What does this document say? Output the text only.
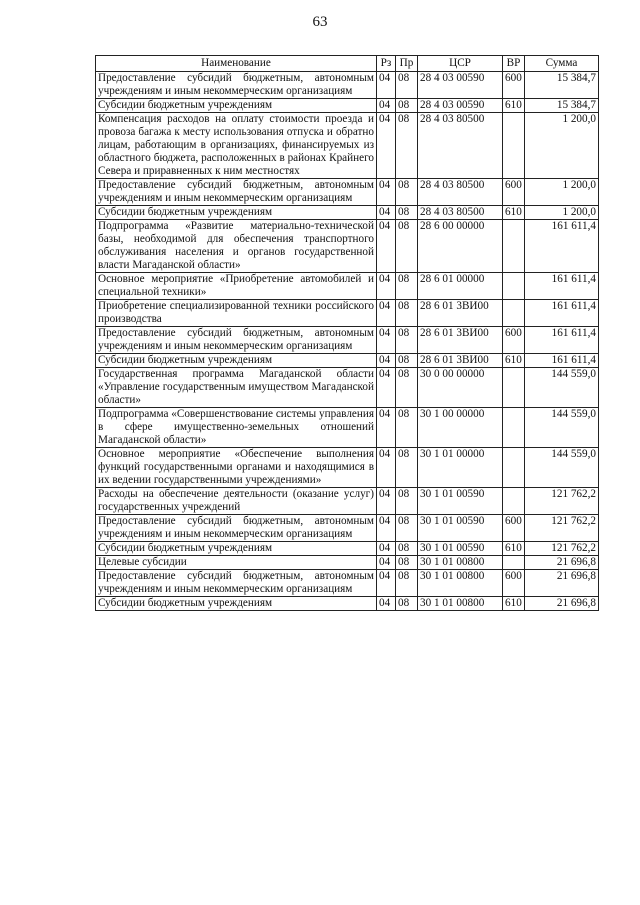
63
Наименование	Рз	Пр	ЦСР	ВР	Сумма
Предоставление субсидий бюджетным, автономным учреждениям и иным некоммерческим организациям	04	08	28 4 03 00590	600	15 384,7
Субсидии бюджетным учреждениям	04	08	28 4 03 00590	610	15 384,7
Компенсация расходов на оплату стоимости проезда и провоза багажа к месту использования отпуска и обратно лицам, работающим в организациях, финансируемых из областного бюджета, расположенных в районах Крайнего Севера и приравненных к ним местностях	04	08	28 4 03 80500		1 200,0
Предоставление субсидий бюджетным, автономным учреждениям и иным некоммерческим организациям	04	08	28 4 03 80500	600	1 200,0
Субсидии бюджетным учреждениям	04	08	28 4 03 80500	610	1 200,0
Подпрограмма «Развитие материально-технической базы, необходимой для обеспечения транспортного обслуживания населения и органов государственной власти Магаданской области»	04	08	28 6 00 00000		161 611,4
Основное мероприятие «Приобретение автомобилей и специальной техники»	04	08	28 6 01 00000		161 611,4
Приобретение специализированной техники российского производства	04	08	28 6 01 3ВИ00		161 611,4
Предоставление субсидий бюджетным, автономным учреждениям и иным некоммерческим организациям	04	08	28 6 01 3ВИ00	600	161 611,4
Субсидии бюджетным учреждениям	04	08	28 6 01 3ВИ00	610	161 611,4
Государственная программа Магаданской области «Управление государственным имуществом Магаданской области»	04	08	30 0 00 00000		144 559,0
Подпрограмма «Совершенствование системы управления в сфере имущественно-земельных отношений Магаданской области»	04	08	30 1 00 00000		144 559,0
Основное мероприятие «Обеспечение выполнения функций государственными органами и находящимися в их ведении государственными учреждениями»	04	08	30 1 01 00000		144 559,0
Расходы на обеспечение деятельности (оказание услуг) государственных учреждений	04	08	30 1 01 00590		121 762,2
Предоставление субсидий бюджетным, автономным учреждениям и иным некоммерческим организациям	04	08	30 1 01 00590	600	121 762,2
Субсидии бюджетным учреждениям	04	08	30 1 01 00590	610	121 762,2
Целевые субсидии	04	08	30 1 01 00800		21 696,8
Предоставление субсидий бюджетным, автономным учреждениям и иным некоммерческим организациям	04	08	30 1 01 00800	600	21 696,8
Субсидии бюджетным учреждениям	04	08	30 1 01 00800	610	21 696,8
